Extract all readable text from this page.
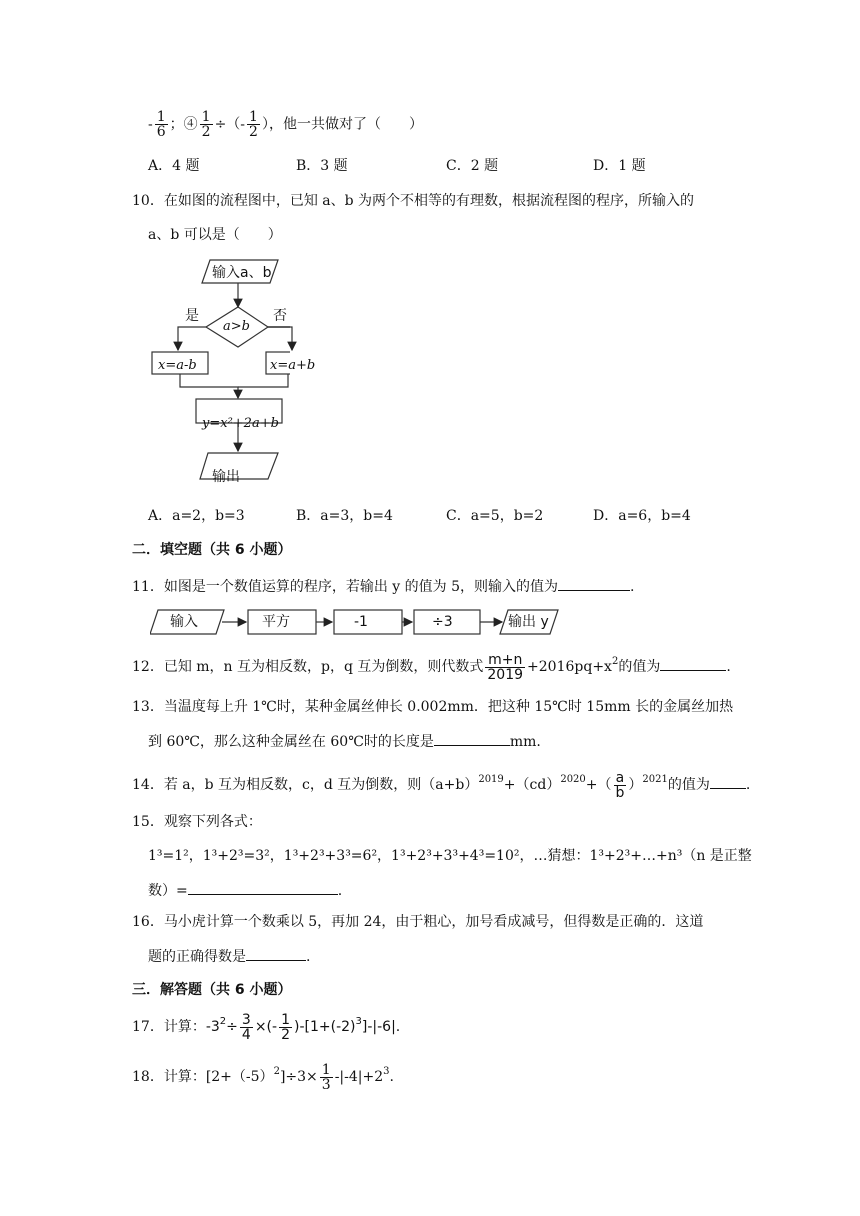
- $\frac{1}{6}$ ；④ $\frac{1}{2}$ ÷（- $\frac{1}{2}$ ），他一共做对了（　　）
A．4 题	B．3 题	C．2 题	D．1 题
10．在如图的流程图中，已知 a、b 为两个不相等的有理数，根据流程图的程序，所输入的
a、b 可以是（　　）
输入a、b
是	否
a>b
x=a-b	x=a+b
y=x²+2a+b
输出
A．a=2，b=3	B．a=3，b=4	C．a=5，b=2	D．a=6，b=4
二．填空题（共 6 小题）
11．如图是一个数值运算的程序，若输出 y 的值为 5，则输入的值为	.
输入	平方	-1	÷3	输出 y
12．已知 m，n 互为相反数，p，q 互为倒数，则代数式 $\frac{m+n}{2019} +2016pq+x^2$的值为	.
13．当温度每上升 1℃时，某种金属丝伸长 0.002mm．把这种 15℃时 15mm 长的金属丝加热
到 60℃，那么这种金属丝在 60℃时的长度是	mm.
14．若 a，b 互为相反数，c，d 互为倒数，则$(a+b)^{2019}+(cd)^{2020}+( \frac{a}{b} )^{2021}$的值为	.
15．观察下列各式：
1³=1²，1³+2³=3²，1³+2³+3³=6²，1³+2³+3³+4³=10²，…猜想：1³+2³+…+n³（n 是正整
数）=	.
16．马小虎计算一个数乘以 5，再加 24，由于粗心，加号看成减号，但得数是正确的．这道
题的正确得数是	.
三．解答题（共 6 小题）
17．计算：$-3^2\div \frac{3}{4}$ ×(- $\frac{1}{2} )-[1+(-2)^3]-|-6|$.
18．计算：$[2+(-5)^2]\div 3\times \frac{1}{3} -|-4|+2^3$.
